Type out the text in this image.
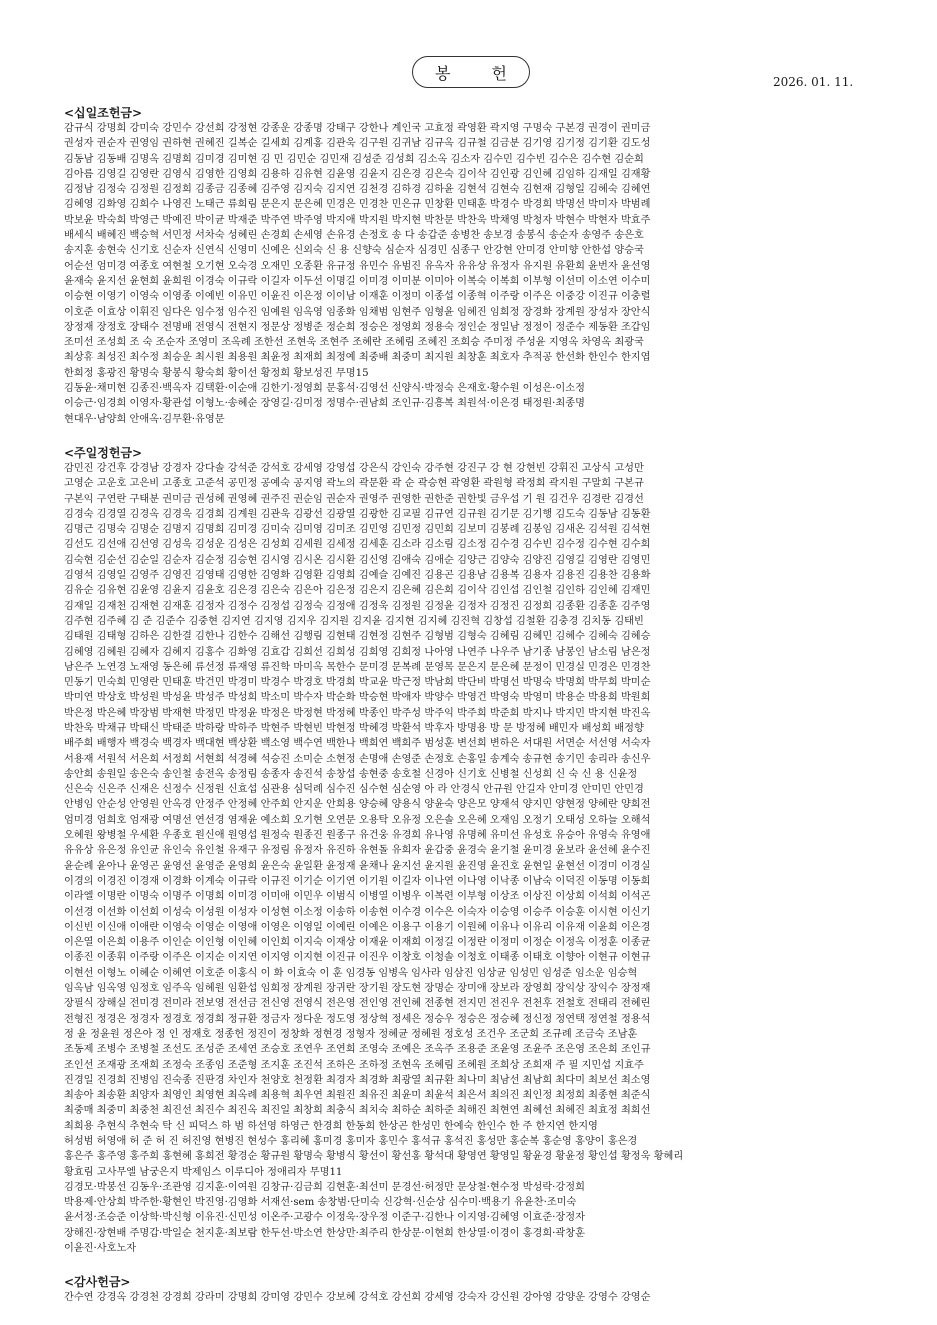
봉 헌	2026. 01. 11.
<십일조헌금>
감규식 강명희 강미숙 강민수 강선희 강정현 강종운 강종명 강태구 강한나 계인국 고효정 곽영환 곽지영 구명숙 구본경 권경이 권미금
권성자 권순자 권영임 권하현 권혜진 길복순 길세희 김계홍 김관욱 김구원 김귀남 김규옥 김규철 김금분 김기영 김기정 김기환 김도성
김동남 김동배 김명옥 김명희 김미경 김미현 김 민 김민순 김민재 김성준 김성희 김소옥 김소자 김수민 김수빈 김수은 김수현 김순희
김아름 김영길 김영란 김영식 김영한 김영희 김용하 김유현 김윤영 김윤지 김은경 김은숙 김이삭 김인광 김인혜 김임하 김재일 김재황
김정남 김정숙 김정원 김정희 김종금 김종혜 김주영 김지숙 김지연 김천경 김하경 김하윤 김현석 김현숙 김현재 김형일 김혜숙 김혜연
김혜영 김화영 김희수 나영진 노태근 류희림 문은지 문은혜 민경은 민경찬 민은규 민창환 민태훈 박경수 박경희 박명선 박미자 박범례
박보윤 박숙희 박영근 박예진 박이균 박재준 박주연 박주영 박지애 박지원 박지현 박찬문 박찬욱 박채영 박청자 박현수 박현자 박효주
배세식 배혜진 백승혁 서민정 서차숙 성혜린 손경희 손세영 손유경 손정호 송 다 송갑준 송병찬 송보경 송봉식 송순자 송영주 송은호
송지훈 송현숙 신기호 신순자 신연식 신영미 신예은 신외숙 신 용 신향숙 심순자 심경민 심종구 안강현 안미경 안미향 안한섭 양승국
어순선 엄미경 여종호 여현철 오기현 오숙경 오재민 오종환 유규정 유민수 유범진 유옥자 유유상 유정자 유지원 유환희 윤번자 윤선영
윤재숙 윤지선 윤현희 윤희원 이경숙 이규락 이길자 이두선 이명길 이미경 이미분 이미아 이복숙 이복희 이부형 이선미 이소연 이수미
이승현 이영기 이영숙 이영종 이예빈 이유민 이윤진 이은정 이이남 이재훈 이정미 이종섭 이종혁 이주랑 이주은 이중강 이진규 이충렬
이호준 이효상 이휘진 임다은 임수정 임수진 임예원 임옥영 임종화 임채범 임현주 임형윤 임혜진 임희정 장경화 장계원 장성자 장안식
장정재 장정호 장태수 전명배 전영식 전현지 정문상 정병준 정순희 정승은 정영희 정용숙 정인순 정일남 정정이 정준수 제동환 조갑임
조미선 조성희 조 숙 조순자 조영미 조옥례 조한선 조현욱 조현주 조혜란 조혜림 조혜진 조희승 주미정 주성윤 지영옥 차영옥 최광국
최상휴 최성진 최수정 최승운 최시원 최용원 최윤정 최재희 최정예 최중배 최중미 최지원 최창훈 최호자 추적공 한선화 한인수 한지엽
한희정 홍광진 황명숙 황봉식 황숙희 황이선 황정희 황보성진 무명15
김동윤·채미현 김종진·백옥자 김택환·이순애 김한기·정영희 문홍석·김영선 신양식·박정숙 은재호·황수원 이성은·이소정
이승근·임경희 이영자·황관섭 이형노·송혜순 장영길·김미정 정명수·권남희 조인규·김흥복 최원석·이은경 태정원·최종명
현대우·남양희 안애옥·김무환·유영문
<주일정헌금>
감민진 강건후 강경남 강경자 강다솔 강석준 강석호 강세영 강영섭 강은식 강인숙 강주현 강진구 강 현 강현빈 강휘진 고상식 고성만
고영순 고운호 고은비 고종호 고준석 공민정 공예숙 공지영 곽노의 곽문환 곽 순 곽승현 곽영환 곽원형 곽정희 곽지원 구말희 구본규
구본익 구연란 구태분 권미금 권성혜 권영혜 권주진 권순임 권순자 권영주 권영한 권한준 권한빛 금우섭 기 원 김건우 김경란 김경선
김경숙 김경열 김경옥 김경욱 김경희 김계원 김관욱 김광선 김광열 김광한 김교필 김규연 김규원 김기문 김기행 김도숙 김동남 김동환
김명근 김명숙 김명순 김명지 김명희 김미경 김미숙 김미영 김미조 김민영 김민정 김민희 김보미 김봉례 김봉임 김새온 김석원 김석현
김선도 김선애 김선영 김성욱 김성운 김성은 김성희 김세원 김세정 김세훈 김소라 김소림 김소정 김수경 김수빈 김수정 김수현 김수희
김숙현 김순선 김순일 김순자 김순정 김승현 김시영 김시온 김시환 김신영 김애숙 김애순 김양근 김양숙 김양진 김영길 김영란 김영민
김영석 김영일 김영주 김영진 김영태 김영한 김영화 김영환 김영희 김예슬 김예진 김용곤 김용남 김용복 김용자 김용진 김용찬 김용화
김유순 김유현 김윤영 김윤지 김윤호 김은경 김은숙 김은아 김은정 김은지 김은혜 김은희 김이삭 김인섭 김인철 김인하 김인혜 김재민
김재일 김재천 김재현 김재훈 김정자 김정수 김정섭 김정숙 김정애 김정욱 김정원 김정윤 김정자 김정진 김정희 김종환 김종훈 김주영
김주현 김주혜 김 준 김준수 김중현 김지연 김지영 김지우 김지원 김지윤 김지현 김지혜 김진혁 김창섭 김철환 김충경 김치동 김태빈
김태원 김태형 김하은 김한결 김한나 김한수 김해선 김행림 김현태 김현정 김현주 김형범 김형숙 김혜림 김혜민 김혜수 김혜숙 김혜승
김혜영 김혜원 김혜자 김혜지 김홍수 김화영 김효갑 김희선 김희성 김희영 김희정 나아영 나연주 나우주 남기종 남봉인 남소림 남은정
남은주 노연경 노재영 동은혜 류선정 류재영 류진학 마미옥 목한수 문미경 문복례 문영목 문은지 문은혜 문정이 민경실 민경은 민경찬
민동기 민숙희 민영란 민태훈 박건민 박경미 박경수 박경호 박경희 박교윤 박근정 박남희 박단비 박명선 박명숙 박명희 박무희 박미순
박미연 박상호 박성원 박성윤 박성주 박성희 박소미 박수자 박순화 박승현 박애자 박양수 박영건 박영숙 박영미 박용순 박용희 박원희
박은정 박은혜 박장범 박재현 박정민 박정윤 박정은 박정현 박정혜 박종인 박주성 박주익 박주희 박준희 박지나 박지민 박지현 박진옥
박찬욱 박채규 박태신 박태준 박하랑 박하주 박현주 박현빈 박현정 박혜경 박환석 박후자 방명용 방 문 방정혜 배민자 배성희 배정향
배주희 배행자 백경숙 백경자 백대현 백상환 백소영 백수연 백한나 백희연 백희주 범성훈 변선희 변하은 서대원 서면순 서선영 서숙자
서용재 서원석 서은희 서정희 서현희 석경혜 석승진 소미순 소현정 손명애 손영준 손정호 손홍일 송계숙 송규현 송기민 송리라 송신우
송안희 송원일 송은숙 송인철 송전옥 송정림 송종자 송진석 송창섭 송현중 송호철 신경아 신기호 신병철 신성희 신 숙 신 용 신윤정
신은숙 신은주 신재은 신정수 신정원 신효섭 심관용 심덕례 심수진 심수현 심순영 아 라 안경식 안규원 안길자 안미경 안미민 안민경
안병임 안순성 안영원 안옥경 안정주 안정혜 안주희 안지운 안희용 양승혜 양용식 양윤숙 양은모 양재석 양지민 양현정 양혜란 양희전
엄미경 엄희호 엄재광 여명선 연선경 염재윤 예소희 오기현 오연문 오용탁 오유정 오은솔 오은혜 오재임 오정기 오태성 오하늘 오해석
오혜원 왕병철 우세환 우종호 원신애 원영섭 원정숙 원종진 원종구 유건웅 유경희 유나영 유명혜 유미선 유성호 유승아 유영숙 유영애
유유상 유은정 유인균 유인숙 유인철 유재구 유정림 유정자 유진하 유현돌 유희자 윤갑중 윤경숙 윤기철 윤미경 윤보라 윤선혜 윤수진
윤순례 윤아나 윤영곤 윤영선 윤영준 윤영희 윤은숙 윤일환 윤정재 윤채나 윤지선 윤지원 윤진영 윤진호 윤현일 윤현선 이경미 이경실
이경의 이경진 이경재 이경화 이계숙 이규락 이규진 이기순 이기연 이기원 이길자 이나연 이나영 이낙종 이남숙 이덕진 이동명 이동희
이라엘 이명란 이명숙 이명주 이명희 이미경 이미애 이민우 이범식 이병열 이병우 이복련 이부형 이상조 이상진 이상희 이석희 이석곤
이선경 이선화 이선희 이성숙 이성원 이성자 이성현 이소정 이송하 이송현 이수경 이수은 이숙자 이승영 이승주 이승훈 이시현 이신기
이신빈 이신애 이애란 이영숙 이영순 이영애 이영은 이영일 이예린 이예은 이용구 이용기 이원혜 이유나 이유리 이유재 이윤희 이은경
이은열 이은희 이용주 이인순 이인형 이인혜 이인희 이지숙 이재상 이재윤 이재희 이정길 이정란 이정미 이정순 이정옥 이정훈 이종균
이종진 이종휘 이주랑 이주은 이지순 이지연 이지영 이지현 이진규 이진우 이창호 이청솔 이청호 이태종 이태호 이향아 이현규 이현규
이현선 이형노 이혜순 이혜연 이호준 이홍식 이 화 이효숙 이 훈 임경동 임병옥 임사라 임삼진 임상균 임성민 임성준 임소운 임승혁
임옥남 임옥영 임정호 임주옥 임혜원 임환섭 임희정 장계원 장귀란 장기원 장도현 장명순 장미애 장보라 장영희 장익상 장익수 장정재
장필식 장해실 전미경 전미라 전보영 전선금 전신영 전영식 전은영 전인영 전인혜 전종현 전지민 전진우 전천후 전철호 전태리 전혜린
전형진 정경은 정경자 정경호 정경희 정규환 정금자 정다운 정도영 정상혁 정세은 정승우 정승은 정승혜 정신정 정연택 정연철 정용석
정 윤 정윤원 정은아 정 인 정재호 정종헌 정진이 정창화 정현경 정형자 정혜균 정혜원 정호성 조건우 조군희 조규례 조금숙 조남훈
조동제 조병수 조병철 조선도 조성준 조세연 조승호 조연우 조연희 조영숙 조예은 조옥주 조용준 조윤영 조윤주 조은영 조은희 조인규
조인선 조재광 조재희 조정숙 조종임 조준형 조지훈 조진석 조하은 조하정 조현옥 조혜림 조혜원 조희상 조희재 주 필 지민섭 지효주
진경일 진경희 진병임 진숙종 진판경 차인자 천양호 천정환 최경자 최경화 최광열 최규환 최나미 최남선 최남희 최다미 최보선 최소영
최송아 최송환 최양자 최영인 최영현 최옥례 최용혁 최우연 최원진 최유진 최윤미 최윤석 최은서 최의진 최인정 최정희 최종현 최준식
최중매 최중미 최중천 최진선 최진수 최진옥 최진일 최창희 최충식 최치숙 최하순 최하준 최해진 최현연 최혜선 최혜진 최효정 최희선
최희용 추현식 추현숙 탁 신 피덕스 하 범 하선영 하영근 한경희 한동희 한상곤 한성민 한예숙 한인수 한 주 한지연 한지영
허성범 허영애 허 준 허 진 허진영 현병진 현성수 홍리혜 홍미경 홍미자 홍민수 홍석규 홍석진 홍성만 홍순복 홍순영 홍양이 홍은경
홍은주 홍주영 홍주희 홍현혜 홍희전 황경순 황규원 황명숙 황병식 황선이 황선홍 황석대 황영연 황영일 황윤경 황윤정 황인섭 황정욱 황혜리
황효림 고사무엘 남궁은지 박제임스 이루디아 정애리자 무명11
김경모·박봉선 김동우·조관영 김지훈·이여원 김창규·김금희 김현훈·최선미 문경선·허정만 문상철·현수정 박성락·강정희
박용제·안상희 박주한·황현인 박진영·김영화 서재선·sem 송창범·단미숙 신강혁·신순상 심수미·백용기 유윤찬·조미숙
윤서정·조승준 이상학·박신형 이유진·신민성 이온주·고광수 이정욱·장우정 이준구·김한나 이지영·김혜영 이효준·장정자
장해진·장현배 주명갑·박일순 천지훈·최보람 한두선·박소연 한상만·최주리 한상문·이현희 한상열·이경이 홍경희·곽창훈
이윤진·사호노자
<감사헌금>
간수연 강경옥 강경천 강경희 강라미 강명희 강미영 강민수 강보혜 강석호 강선희 강세영 강숙자 강신원 강아영 강양운 강영수 강영순
